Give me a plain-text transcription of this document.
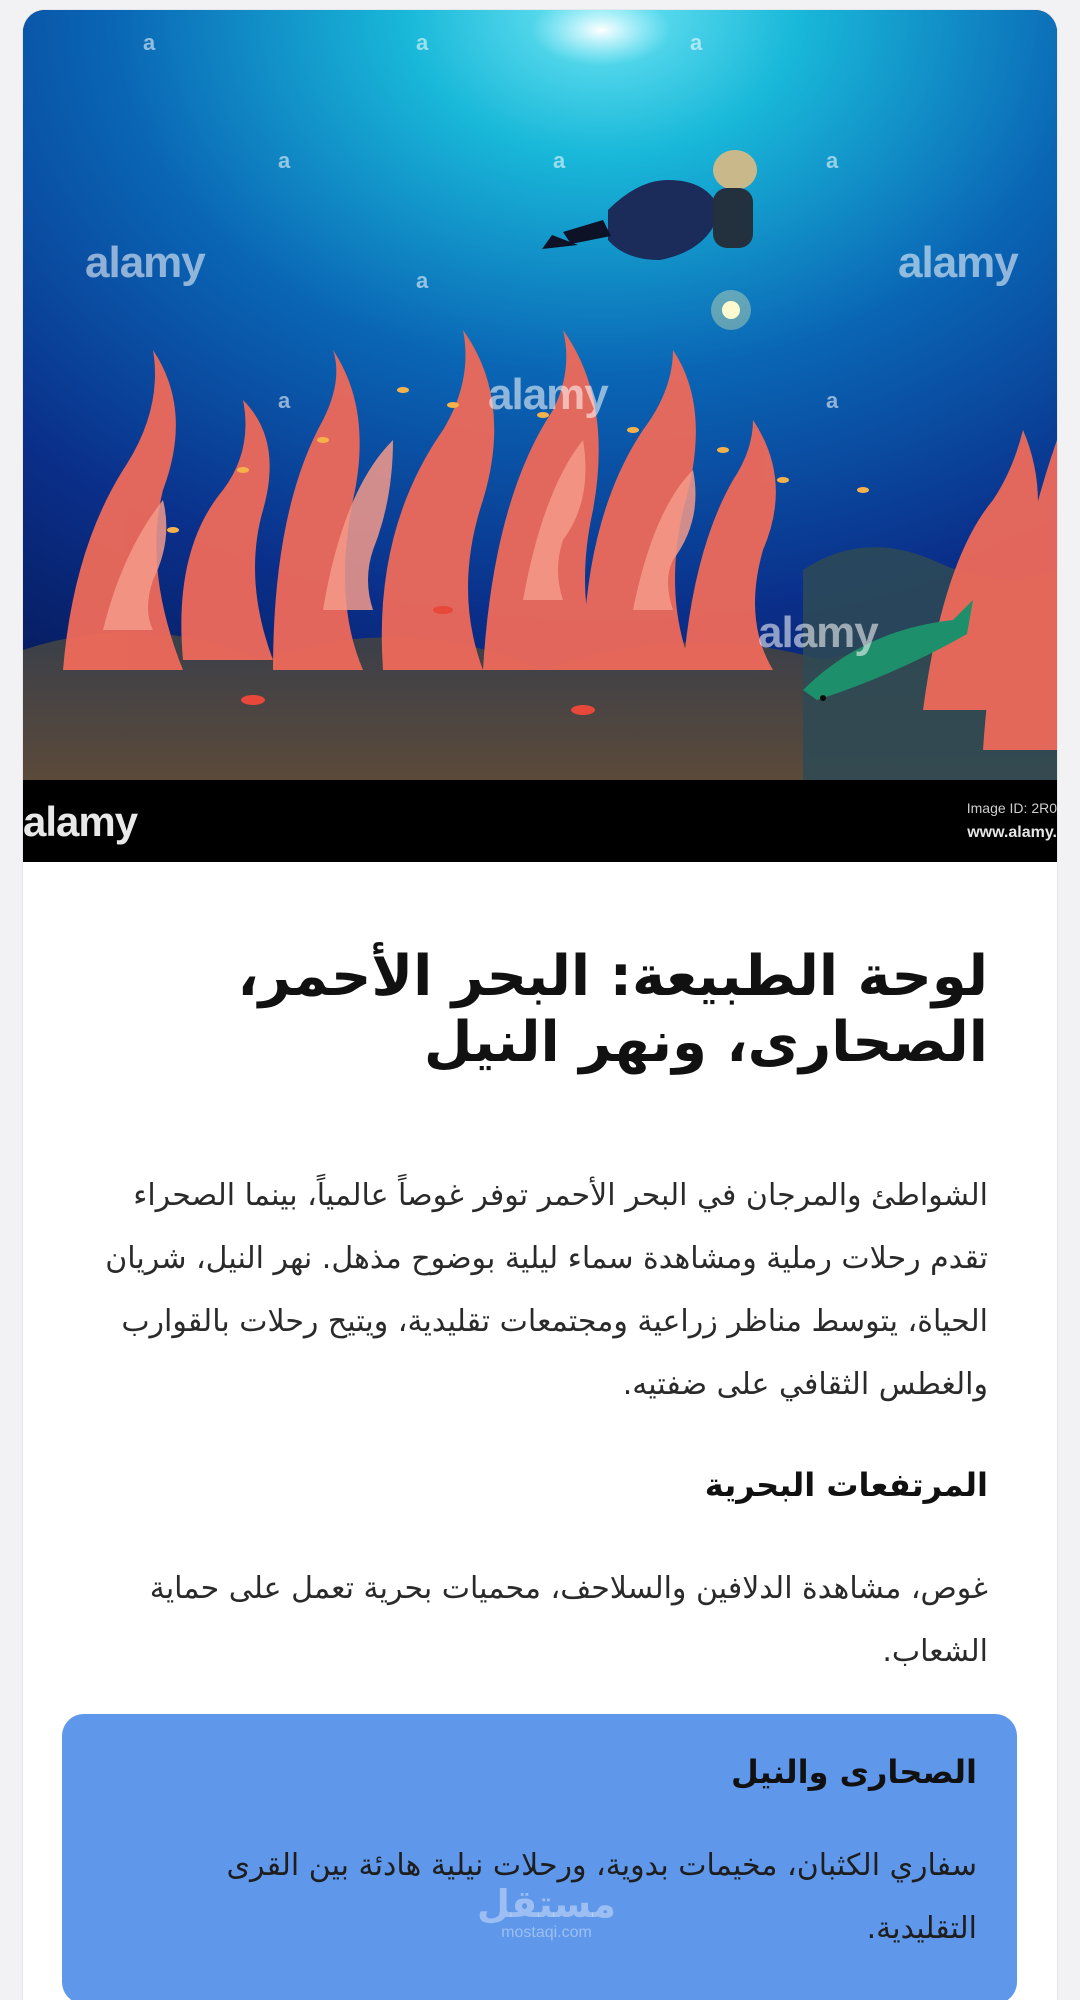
alamy	alamy
alamy
alamy
a	a	a
a	a	a
a
a	a
alamy	Image ID: 2R0
www.alamy.
لوحة الطبيعة: البحر الأحمر، الصحارى، ونهر النيل

الشواطئ والمرجان في البحر الأحمر توفر غوصاً عالمياً، بينما الصحراء تقدم رحلات رملية ومشاهدة سماء ليلية بوضوح مذهل. نهر النيل، شريان الحياة، يتوسط مناظر زراعية ومجتمعات تقليدية، ويتيح رحلات بالقوارب والغطس الثقافي على ضفتيه.

المرتفعات البحرية

غوص، مشاهدة الدلافين والسلاحف، محميات بحرية تعمل على حماية الشعاب.

الصحارى والنيل

سفاري الكثبان، مخيمات بدوية، ورحلات نيلية هادئة بين القرى التقليدية.

مستقل
mostaqi.com
